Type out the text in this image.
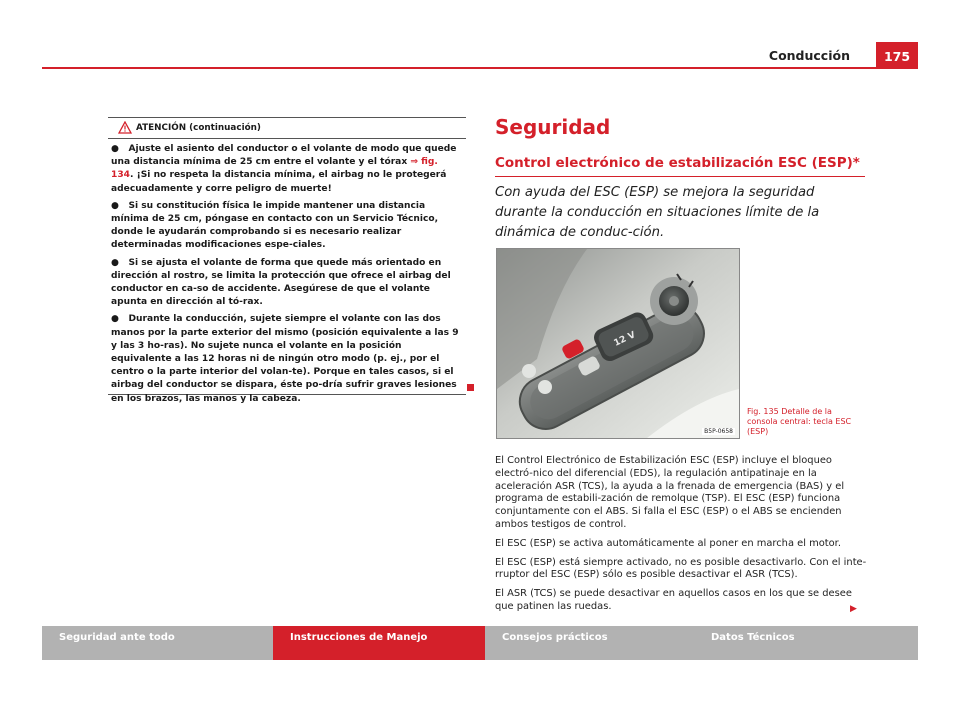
Conducción	175
ATENCIÓN (continuación)

● Ajuste el asiento del conductor o el volante de modo que quede una distancia mínima de 25 cm entre el volante y el tórax ⇒ fig. 134. ¡Si no respeta la distancia mínima, el airbag no le protegerá adecuadamente y corre peligro de muerte!

● Si su constitución física le impide mantener una distancia mínima de 25 cm, póngase en contacto con un Servicio Técnico, donde le ayudarán comprobando si es necesario realizar determinadas modificaciones espe-ciales.

● Si se ajusta el volante de forma que quede más orientado en dirección al rostro, se limita la protección que ofrece el airbag del conductor en ca-so de accidente. Asegúrese de que el volante apunta en dirección al tó-rax.

● Durante la conducción, sujete siempre el volante con las dos manos por la parte exterior del mismo (posición equivalente a las 9 y las 3 ho-ras). No sujete nunca el volante en la posición equivalente a las 12 horas ni de ningún otro modo (p. ej., por el centro o la parte interior del volan-te). Porque en tales casos, si el airbag del conductor se dispara, éste po-dría sufrir graves lesiones en los brazos, las manos y la cabeza.

Seguridad
Control electrónico de estabilización ESC (ESP)*
Con ayuda del ESC (ESP) se mejora la seguridad durante la conducción en situaciones límite de la dinámica de conduc-ción.
12 V
B5P-0658
Fig. 135 Detalle de la consola central: tecla ESC (ESP)

El Control Electrónico de Estabilización ESC (ESP) incluye el bloqueo electró-nico del diferencial (EDS), la regulación antipatinaje en la aceleración ASR (TCS), la ayuda a la frenada de emergencia (BAS) y el programa de estabili-zación de remolque (TSP). El ESC (ESP) funciona conjuntamente con el ABS. Si falla el ESC (ESP) o el ABS se encienden ambos testigos de control.

El ESC (ESP) se activa automáticamente al poner en marcha el motor.

El ESC (ESP) está siempre activado, no es posible desactivarlo. Con el inte-rruptor del ESC (ESP) sólo es posible desactivar el ASR (TCS).

El ASR (TCS) se puede desactivar en aquellos casos en los que se desee que patinen las ruedas.	▶
Seguridad ante todo	Instrucciones de Manejo	Consejos prácticos	Datos Técnicos
